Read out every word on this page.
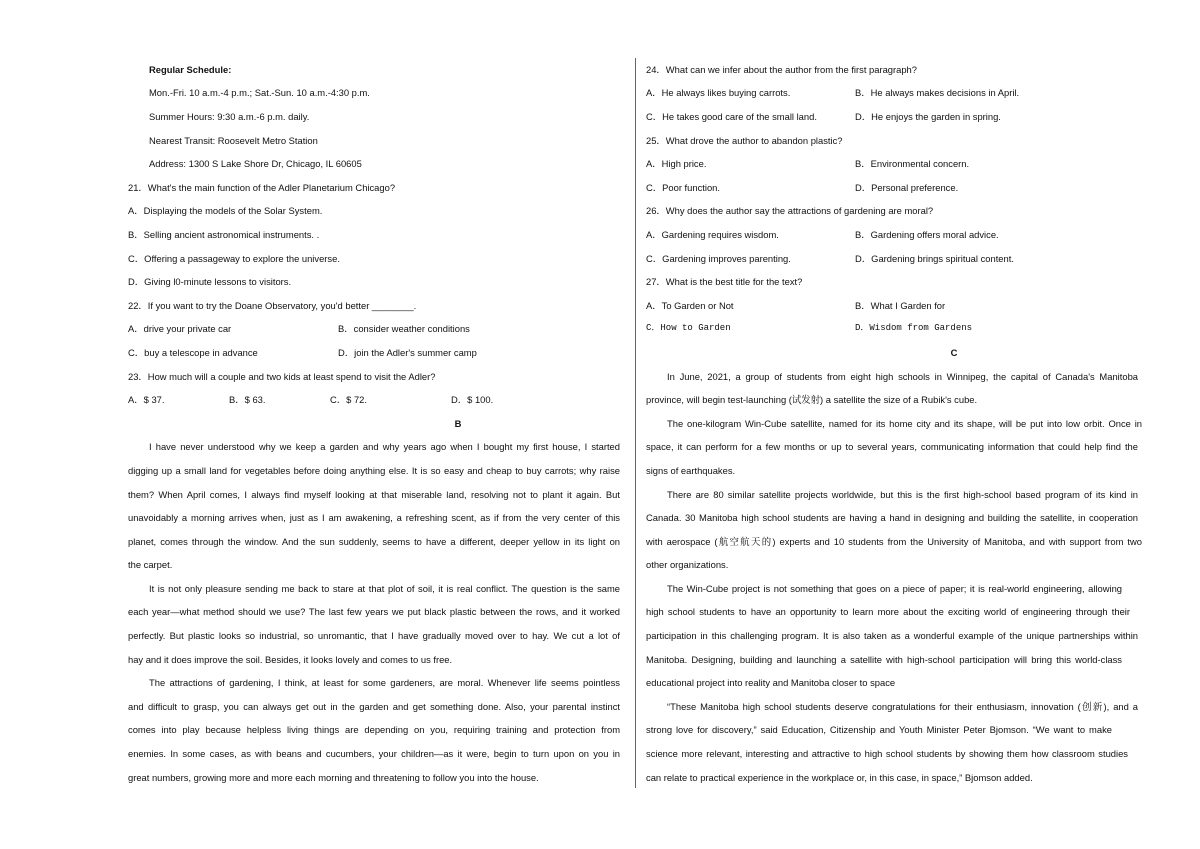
Regular Schedule:
Mon.-Fri. 10 a.m.-4 p.m.; Sat.-Sun. 10 a.m.-4:30 p.m.
Summer Hours: 9:30 a.m.-6 p.m. daily.
Nearest Transit: Roosevelt Metro Station
Address: 1300 S Lake Shore Dr, Chicago, IL 60605
21．What's the main function of the Adler Planetarium Chicago?
A．Displaying the models of the Solar System.
B．Selling ancient astronomical instruments. .
C．Offering a passageway to explore the universe.
D．Giving l0-minute lessons to visitors.
22．If you want to try the Doane Observatory, you'd better ________.
A．drive your private car	B．consider weather conditions
C．buy a telescope in advance	D．join the Adler's summer camp
23．How much will a couple and two kids at least spend to visit the Adler?
A．$ 37.	B．$ 63.	C．$ 72.	D．$ 100.
B
I have never understood why we keep a garden and why years ago when I bought my first house, I started
digging up a small land for vegetables before doing anything else. It is so easy and cheap to buy carrots; why raise
them? When April comes, I always find myself looking at that miserable land, resolving not to plant it again. But
unavoidably a morning arrives when, just as I am awakening, a refreshing scent, as if from the very center of this
planet, comes through the window. And the sun suddenly, seems to have a different, deeper yellow in its light on
the carpet.
It is not only pleasure sending me back to stare at that plot of soil, it is real conflict. The question is the same
each year—what method should we use? The last few years we put black plastic between the rows, and it worked
perfectly. But plastic looks so industrial, so unromantic, that I have gradually moved over to hay. We cut a lot of
hay and it does improve the soil. Besides, it looks lovely and comes to us free.
The attractions of gardening, I think, at least for some gardeners, are moral. Whenever life seems pointless
and difficult to grasp, you can always get out in the garden and get something done. Also, your parental instinct
comes into play because helpless living things are depending on you, requiring training and protection from
enemies. In some cases, as with beans and cucumbers, your children—as it were, begin to turn upon on you in
great numbers, growing more and more each morning and threatening to follow you into the house.
24．What can we infer about the author from the first paragraph?
A．He always likes buying carrots.	B．He always makes decisions in April.
C．He takes good care of the small land.	D．He enjoys the garden in spring.
25．What drove the author to abandon plastic?
A．High price.	B．Environmental concern.
C．Poor function.	D．Personal preference.
26．Why does the author say the attractions of gardening are moral?
A．Gardening requires wisdom.	B．Gardening offers moral advice.
C．Gardening improves parenting.	D．Gardening brings spiritual content.
27．What is the best title for the text?
A．To Garden or Not	B．What I Garden for
C．How to Garden	D．Wisdom from Gardens
C
In June, 2021, a group of students from eight high schools in Winnipeg, the capital of Canada's Manitoba
province, will begin test-launching (试发射) a satellite the size of a Rubik's cube.
The one-kilogram Win-Cube satellite, named for its home city and its shape, will be put into low orbit. Once in
space, it can perform for a few months or up to several years, communicating information that could help find the
signs of earthquakes.
There are 80 similar satellite projects worldwide, but this is the first high-school based program of its kind in
Canada. 30 Manitoba high school students are having a hand in designing and building the satellite, in cooperation
with aerospace (航空航天的) experts and 10 students from the University of Manitoba, and with support from two
other organizations.
The Win-Cube project is not something that goes on a piece of paper; it is real-world engineering, allowing
high school students to have an opportunity to learn more about the exciting world of engineering through their
participation in this challenging program. It is also taken as a wonderful example of the unique partnerships within
Manitoba. Designing, building and launching a satellite with high-school participation will bring this world-class
educational project into reality and Manitoba closer to space
“These Manitoba high school students deserve congratulations for their enthusiasm, innovation (创新), and a
strong love for discovery,” said Education, Citizenship and Youth Minister Peter Bjomson. “We want to make
science more relevant, interesting and attractive to high school students by showing them how classroom studies
can relate to practical experience in the workplace or, in this case, in space,” Bjomson added.
